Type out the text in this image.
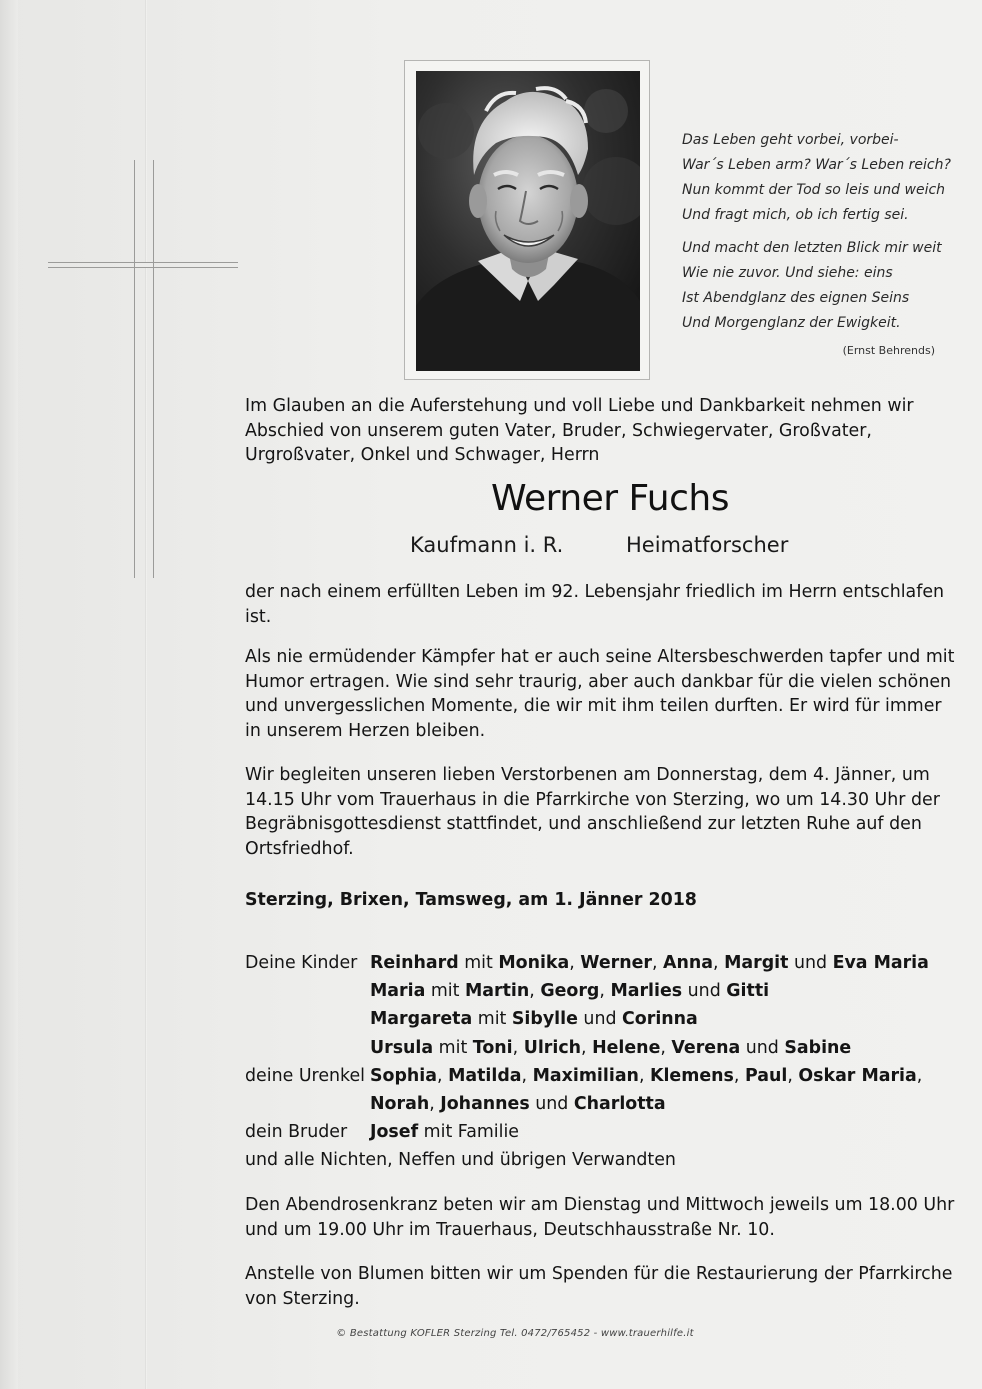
Das Leben geht vorbei, vorbei-
War´s Leben arm? War´s Leben reich?
Nun kommt der Tod so leis und weich
Und fragt mich, ob ich fertig sei.
Und macht den letzten Blick mir weit
Wie nie zuvor. Und siehe: eins
Ist Abendglanz des eignen Seins
Und Morgenglanz der Ewigkeit.
(Ernst Behrends)
Im Glauben an die Auferstehung und voll Liebe und Dankbarkeit nehmen wir Abschied von unserem guten Vater, Bruder, Schwiegervater, Großvater, Urgroßvater, Onkel und Schwager, Herrn
Werner Fuchs
Kaufmann i. R.	Heimatforscher
der nach einem erfüllten Leben im 92. Lebensjahr friedlich im Herrn entschlafen ist.
Als nie ermüdender Kämpfer hat er auch seine Altersbeschwerden tapfer und mit Humor ertragen. Wie sind sehr traurig, aber auch dankbar für die vielen schönen und unvergesslichen Momente, die wir mit ihm teilen durften. Er wird für immer in unserem Herzen bleiben.
Wir begleiten unseren lieben Verstorbenen am Donnerstag, dem 4. Jänner, um 14.15 Uhr vom Trauerhaus in die Pfarrkirche von Sterzing, wo um 14.30 Uhr der Begräbnisgottesdienst stattfindet, und anschließend zur letzten Ruhe auf den Ortsfriedhof.
Sterzing, Brixen, Tamsweg, am 1. Jänner 2018
Deine Kinder Reinhard mit Monika, Werner, Anna, Margit und Eva Maria
Maria mit Martin, Georg, Marlies und Gitti
Margareta mit Sibylle und Corinna
Ursula mit Toni, Ulrich, Helene, Verena und Sabine
deine Urenkel Sophia, Matilda, Maximilian, Klemens, Paul, Oskar Maria,
Norah, Johannes und Charlotta
dein Bruder	Josef mit Familie
und alle Nichten, Neffen und übrigen Verwandten
Den Abendrosenkranz beten wir am Dienstag und Mittwoch jeweils um 18.00 Uhr und um 19.00 Uhr im Trauerhaus, Deutschhausstraße Nr. 10.
Anstelle von Blumen bitten wir um Spenden für die Restaurierung der Pfarrkirche von Sterzing.
© Bestattung KOFLER Sterzing Tel. 0472/765452 - www.trauerhilfe.it
